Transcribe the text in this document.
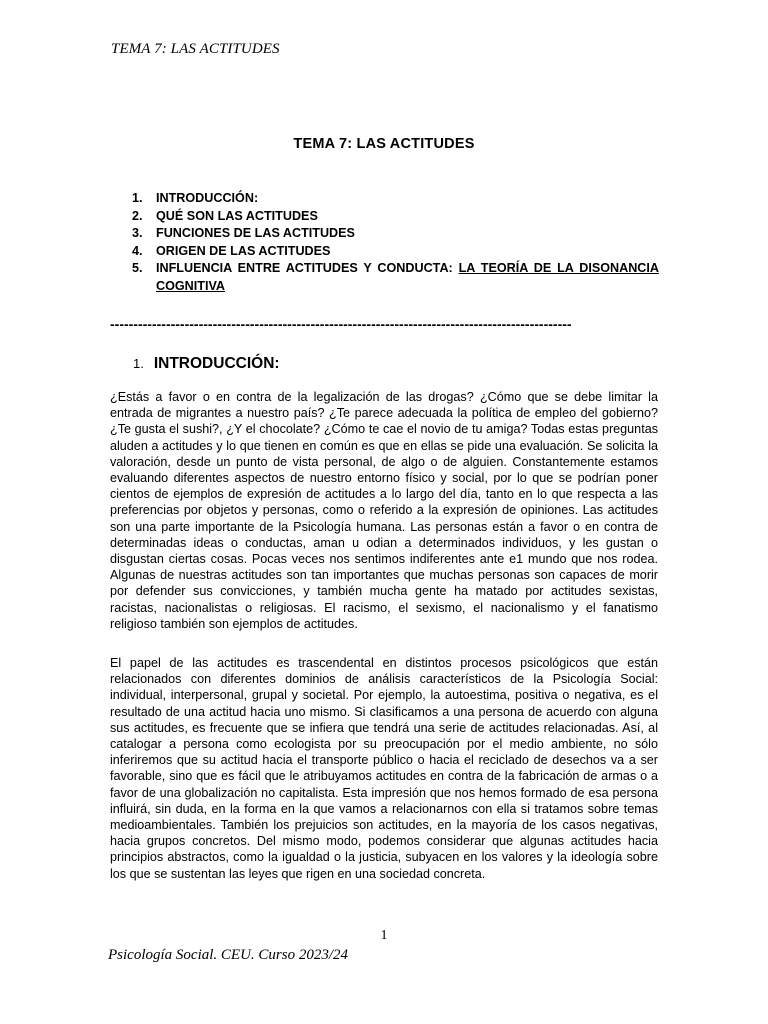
TEMA 7: LAS ACTITUDES
TEMA 7: LAS ACTITUDES
1. INTRODUCCIÓN:
2. QUÉ SON LAS ACTITUDES
3. FUNCIONES DE LAS ACTITUDES
4. ORIGEN DE LAS ACTITUDES
5. INFLUENCIA ENTRE ACTITUDES Y CONDUCTA: LA TEORÍA DE LA DISONANCIA
COGNITIVA
---------------------------------------------------------------------------------------------------
1. INTRODUCCIÓN:

¿Estás a favor o en contra de la legalización de las drogas? ¿Cómo que se debe limitar la entrada de migrantes a nuestro país? ¿Te parece adecuada la política de empleo del gobierno? ¿Te gusta el sushi?, ¿Y el chocolate? ¿Cómo te cae el novio de tu amiga? Todas estas preguntas aluden a actitudes y lo que tienen en común es que en ellas se pide una evaluación. Se solicita la valoración, desde un punto de vista personal, de algo o de alguien. Constantemente estamos evaluando diferentes aspectos de nuestro entorno físico y social, por lo que se podrían poner cientos de ejemplos de expresión de actitudes a lo largo del día, tanto en lo que respecta a las preferencias por objetos y personas, como o referido a la expresión de opiniones. Las actitudes son una parte importante de la Psicología humana. Las personas están a favor o en contra de determinadas ideas o conductas, aman u odian a determinados individuos, y les gustan o disgustan ciertas cosas. Pocas veces nos sentimos indiferentes ante e1 mundo que nos rodea. Algunas de nuestras actitudes son tan importantes que muchas personas son capaces de morir por defender sus convicciones, y también mucha gente ha matado por actitudes sexistas, racistas, nacionalistas o religiosas. El racismo, el sexismo, el nacionalismo y el fanatismo religioso también son ejemplos de actitudes.

El papel de las actitudes es trascendental en distintos procesos psicológicos que están relacionados con diferentes dominios de análisis característicos de la Psicología Social: individual, interpersonal, grupal y societal. Por ejemplo, la autoestima, positiva o negativa, es el resultado de una actitud hacia uno mismo. Si clasificamos a una persona de acuerdo con alguna sus actitudes, es frecuente que se infiera que tendrá una serie de actitudes relacionadas. Así, al catalogar a persona como ecologista por su preocupación por el medio ambiente, no sólo inferiremos que su actitud hacia el transporte público o hacia el reciclado de desechos va a ser favorable, sino que es fácil que le atribuyamos actitudes en contra de la fabricación de armas o a favor de una globalización no capitalista. Esta impresión que nos hemos formado de esa persona influirá, sin duda, en la forma en la que vamos a relacionarnos con ella si tratamos sobre temas medioambientales. También los prejuicios son actitudes, en la mayoría de los casos negativas, hacia grupos concretos. Del mismo modo, podemos considerar que algunas actitudes hacia principios abstractos, como la igualdad o la justicia, subyacen en los valores y la ideología sobre los que se sustentan las leyes que rigen en una sociedad concreta.

1
Psicología Social. CEU. Curso 2023/24
